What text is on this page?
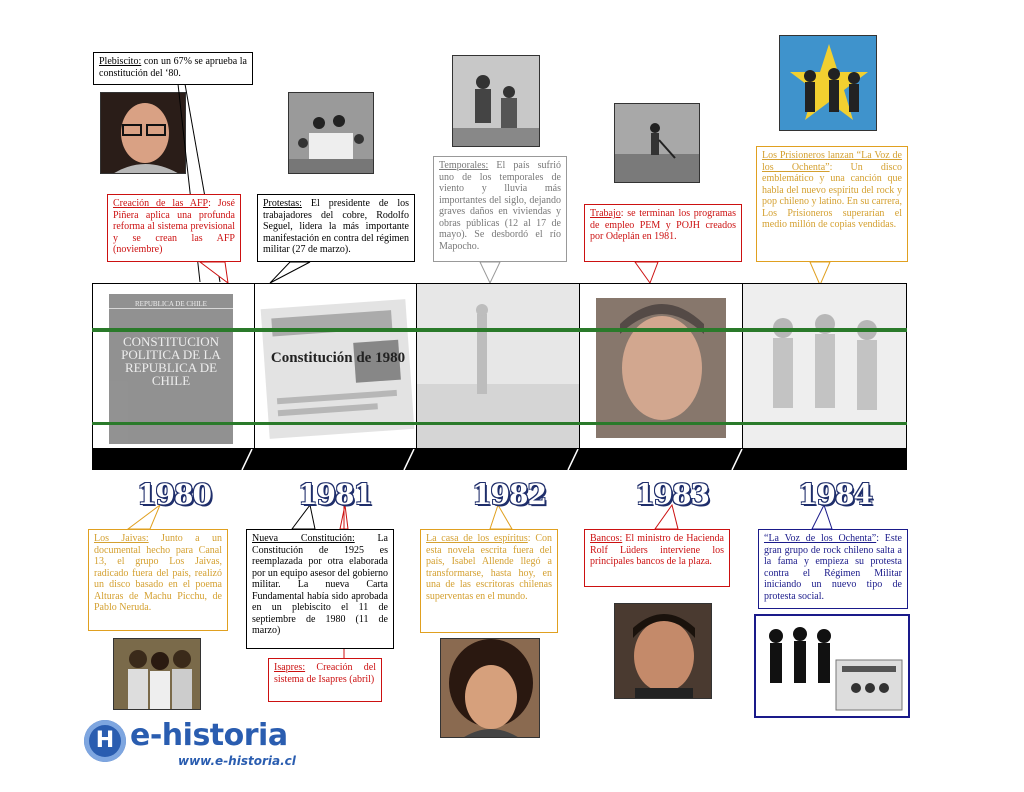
Plebiscito: con un 67% se aprueba la constitución del ‘80.
Creación de las AFP: José Piñera aplica una profunda reforma al sistema previsional y se crean las AFP (noviembre)
Protestas: El presidente de los trabajadores del cobre, Rodolfo Seguel, lidera la más importante manifestación en contra del régimen militar (27 de marzo).
Temporales: El país sufrió uno de los temporales de viento y lluvia más importantes del siglo, dejando graves daños en viviendas y obras públicas (12 al 17 de mayo). Se desbordó el río Mapocho.
Trabajo: se terminan los programas de empleo PEM y POJH creados por Odeplán en 1981.
Los Prisioneros lanzan “La Voz de los Ochenta”: Un disco emblemático y una canción que habla del nuevo espíritu del rock y pop chileno y latino. En su carrera, Los Prisioneros superarían el medio millón de copias vendidas.
REPUBLICA DE CHILE
CONSTITUCION POLITICA DE LA REPUBLICA DE CHILE
Constitución de 1980
1980	1981	1982	1983	1984
Los Jaivas: Junto a un documental hecho para Canal 13, el grupo Los Jaivas, radicado fuera del país, realizó un disco basado en el poema Alturas de Machu Picchu, de Pablo Neruda.
Nueva Constitución: La Constitución de 1925 es reemplazada por otra elaborada por un equipo asesor del gobierno militar. La nueva Carta Fundamental había sido aprobada en un plebiscito el 11 de septiembre de 1980 (11 de marzo)
Isapres: Creación del sistema de Isapres (abril)
La casa de los espíritus: Con esta novela escrita fuera del país, Isabel Allende llegó a transformarse, hasta hoy, en una de las escritoras chilenas superventas en el mundo.
Bancos: El ministro de Hacienda Rolf Lüders interviene los principales bancos de la plaza.
“La Voz de los Ochenta”: Este gran grupo de rock chileno salta a la fama y empieza su protesta contra el Régimen Militar iniciando un nuevo tipo de protesta social.
H e-historia
www.e-historia.cl
